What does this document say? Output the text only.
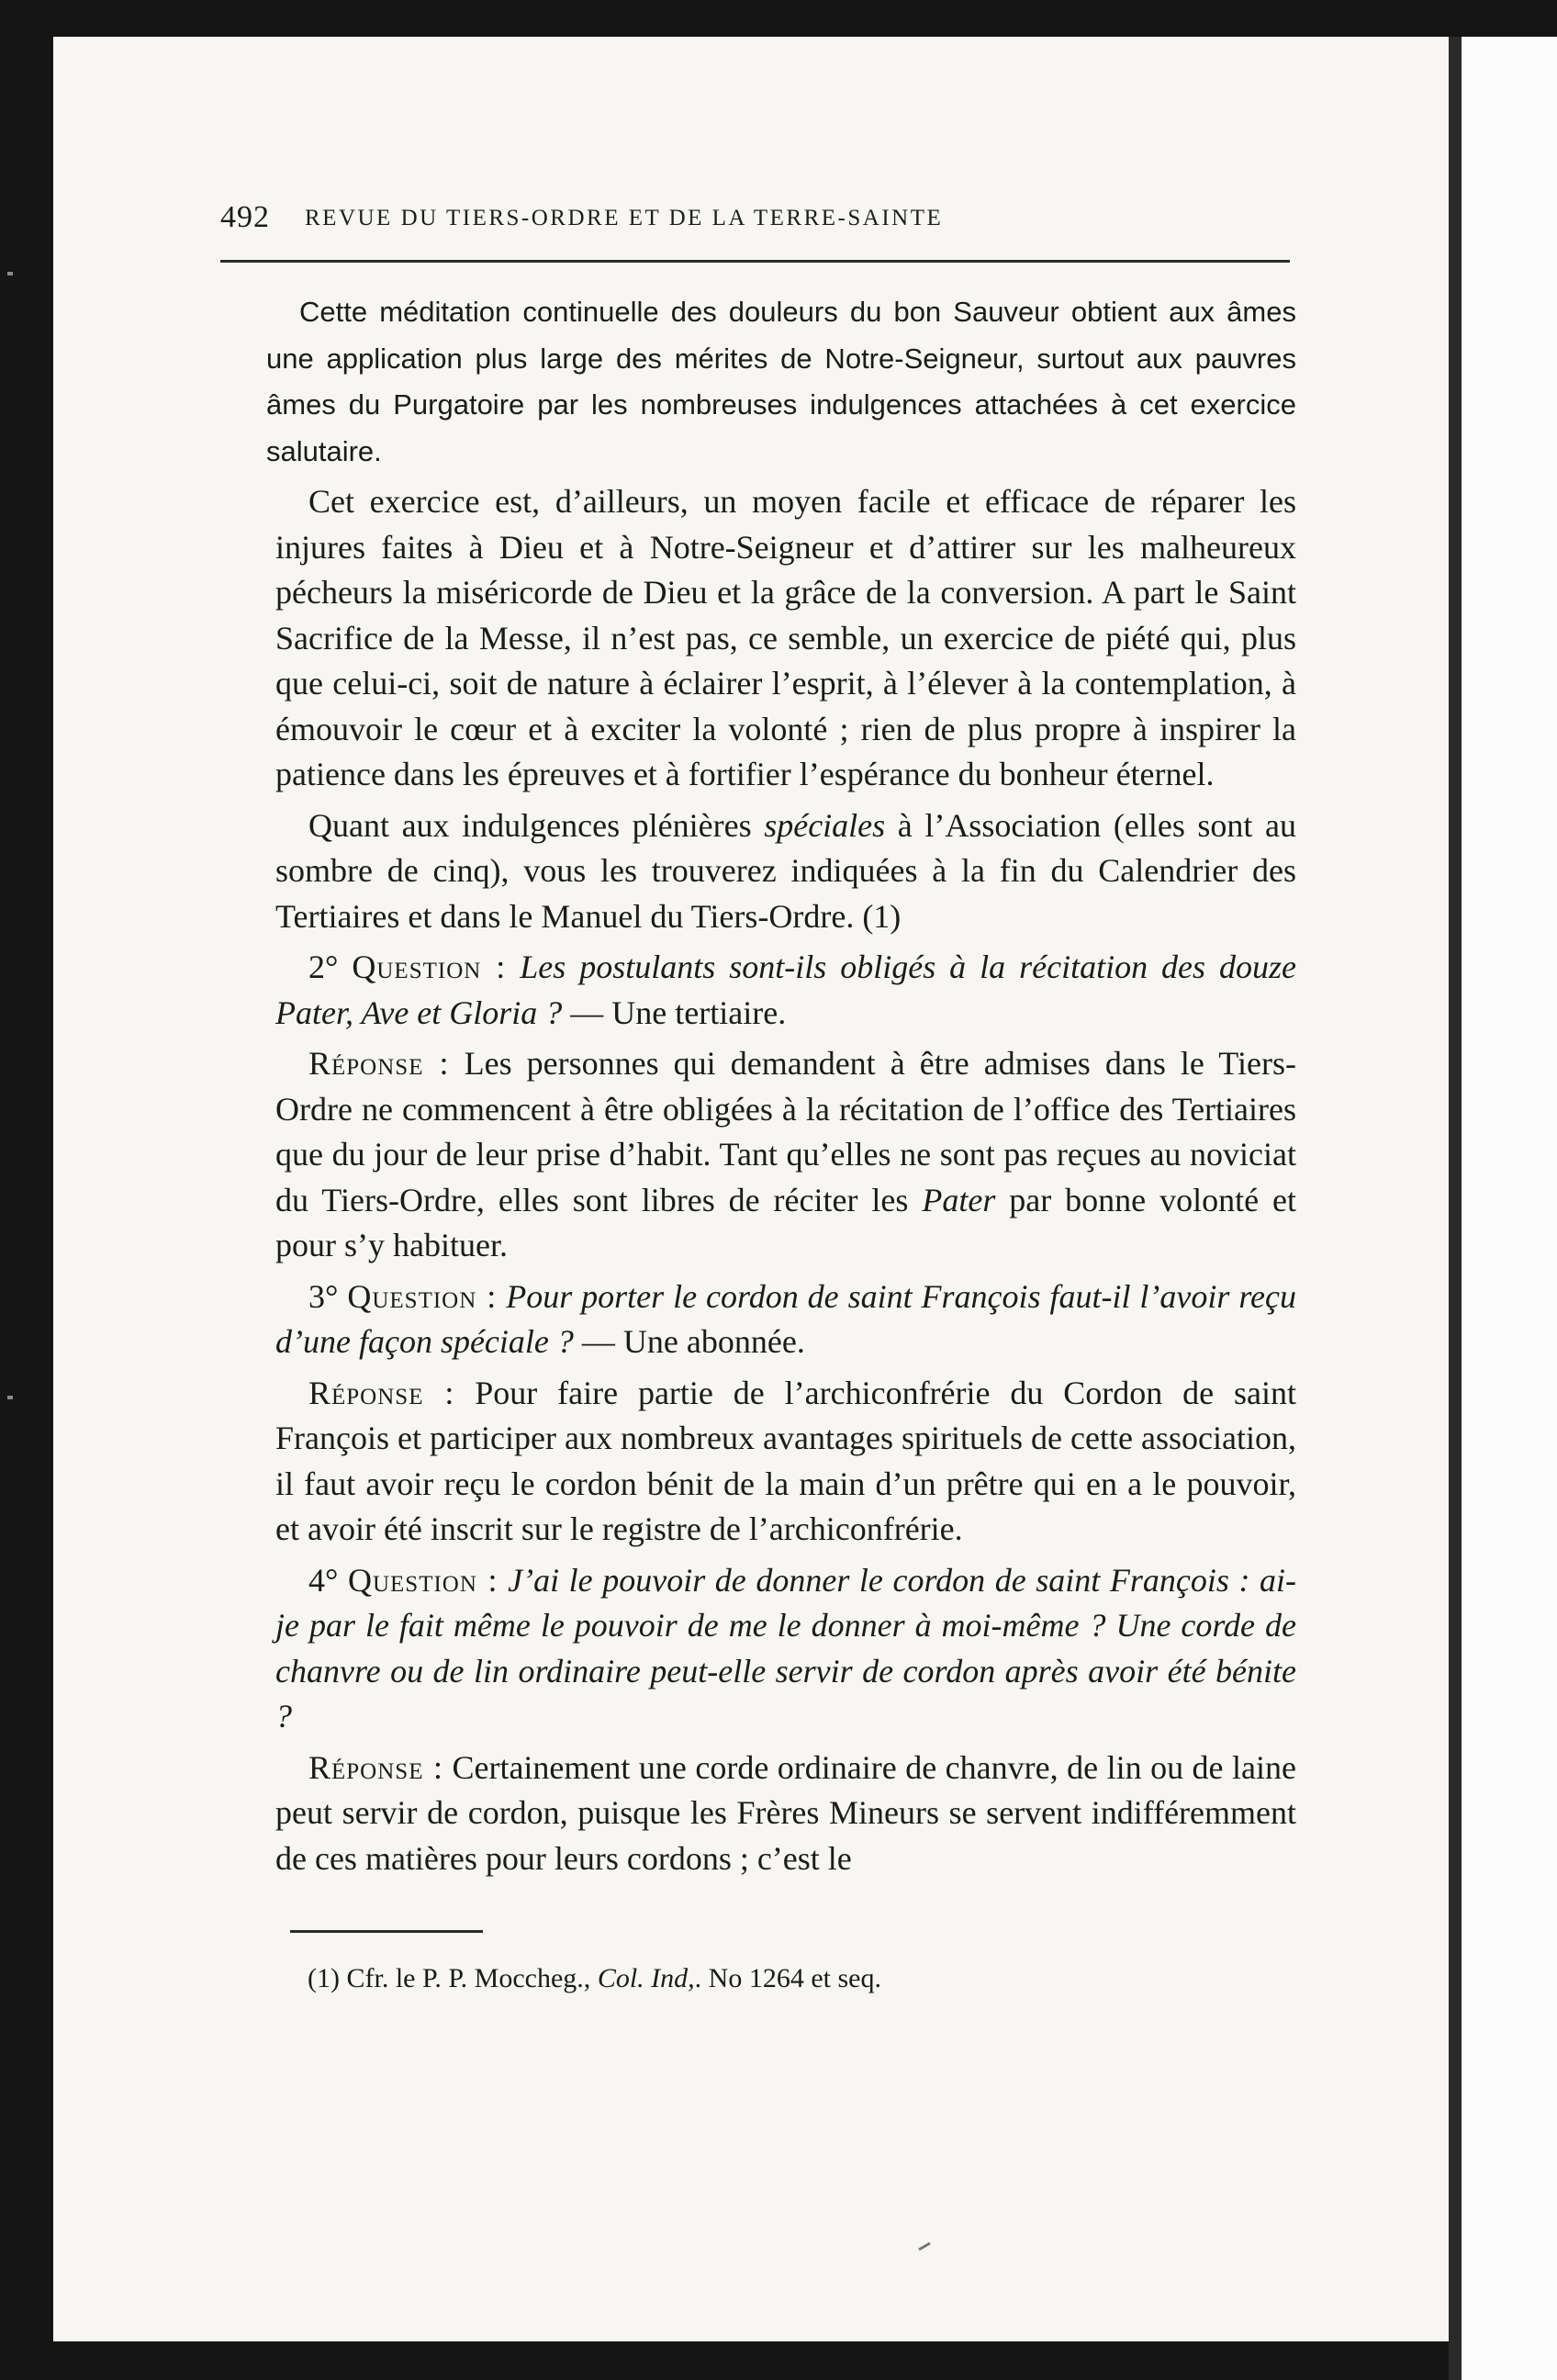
492 REVUE DU TIERS-ORDRE ET DE LA TERRE-SAINTE

Cette méditation continuelle des douleurs du bon Sauveur obtient aux âmes une application plus large des mérites de Notre-Seigneur, surtout aux pauvres âmes du Purgatoire par les nombreuses indulgences attachées à cet exercice salutaire.

Cet exercice est, d’ailleurs, un moyen facile et efficace de réparer les injures faites à Dieu et à Notre-Seigneur et d’attirer sur les malheureux pécheurs la miséricorde de Dieu et la grâce de la conversion. A part le Saint Sacrifice de la Messe, il n’est pas, ce semble, un exercice de piété qui, plus que celui-ci, soit de nature à éclairer l’esprit, à l’élever à la contemplation, à émouvoir le cœur et à exciter la volonté ; rien de plus propre à inspirer la patience dans les épreuves et à fortifier l’espérance du bonheur éternel.

Quant aux indulgences plénières spéciales à l’Association (elles sont au sombre de cinq), vous les trouverez indiquées à la fin du Calendrier des Tertiaires et dans le Manuel du Tiers-Ordre. (1)

2° Question : Les postulants sont-ils obligés à la récitation des douze Pater, Ave et Gloria ? — Une tertiaire.

Réponse : Les personnes qui demandent à être admises dans le Tiers-Ordre ne commencent à être obligées à la récitation de l’office des Tertiaires que du jour de leur prise d’habit. Tant qu’elles ne sont pas reçues au noviciat du Tiers-Ordre, elles sont libres de réciter les Pater par bonne volonté et pour s’y habituer.

3° Question : Pour porter le cordon de saint François faut-il l’avoir reçu d’une façon spéciale ? — Une abonnée.

Réponse : Pour faire partie de l’archiconfrérie du Cordon de saint François et participer aux nombreux avantages spirituels de cette association, il faut avoir reçu le cordon bénit de la main d’un prêtre qui en a le pouvoir, et avoir été inscrit sur le registre de l’archiconfrérie.

4° Question : J’ai le pouvoir de donner le cordon de saint François : ai-je par le fait même le pouvoir de me le donner à moi-même ? Une corde de chanvre ou de lin ordinaire peut-elle servir de cordon après avoir été bénite ?

Réponse : Certainement une corde ordinaire de chanvre, de lin ou de laine peut servir de cordon, puisque les Frères Mineurs se servent indifféremment de ces matières pour leurs cordons ; c’est le

(1) Cfr. le P. P. Moccheg., Col. Ind,. No 1264 et seq.
